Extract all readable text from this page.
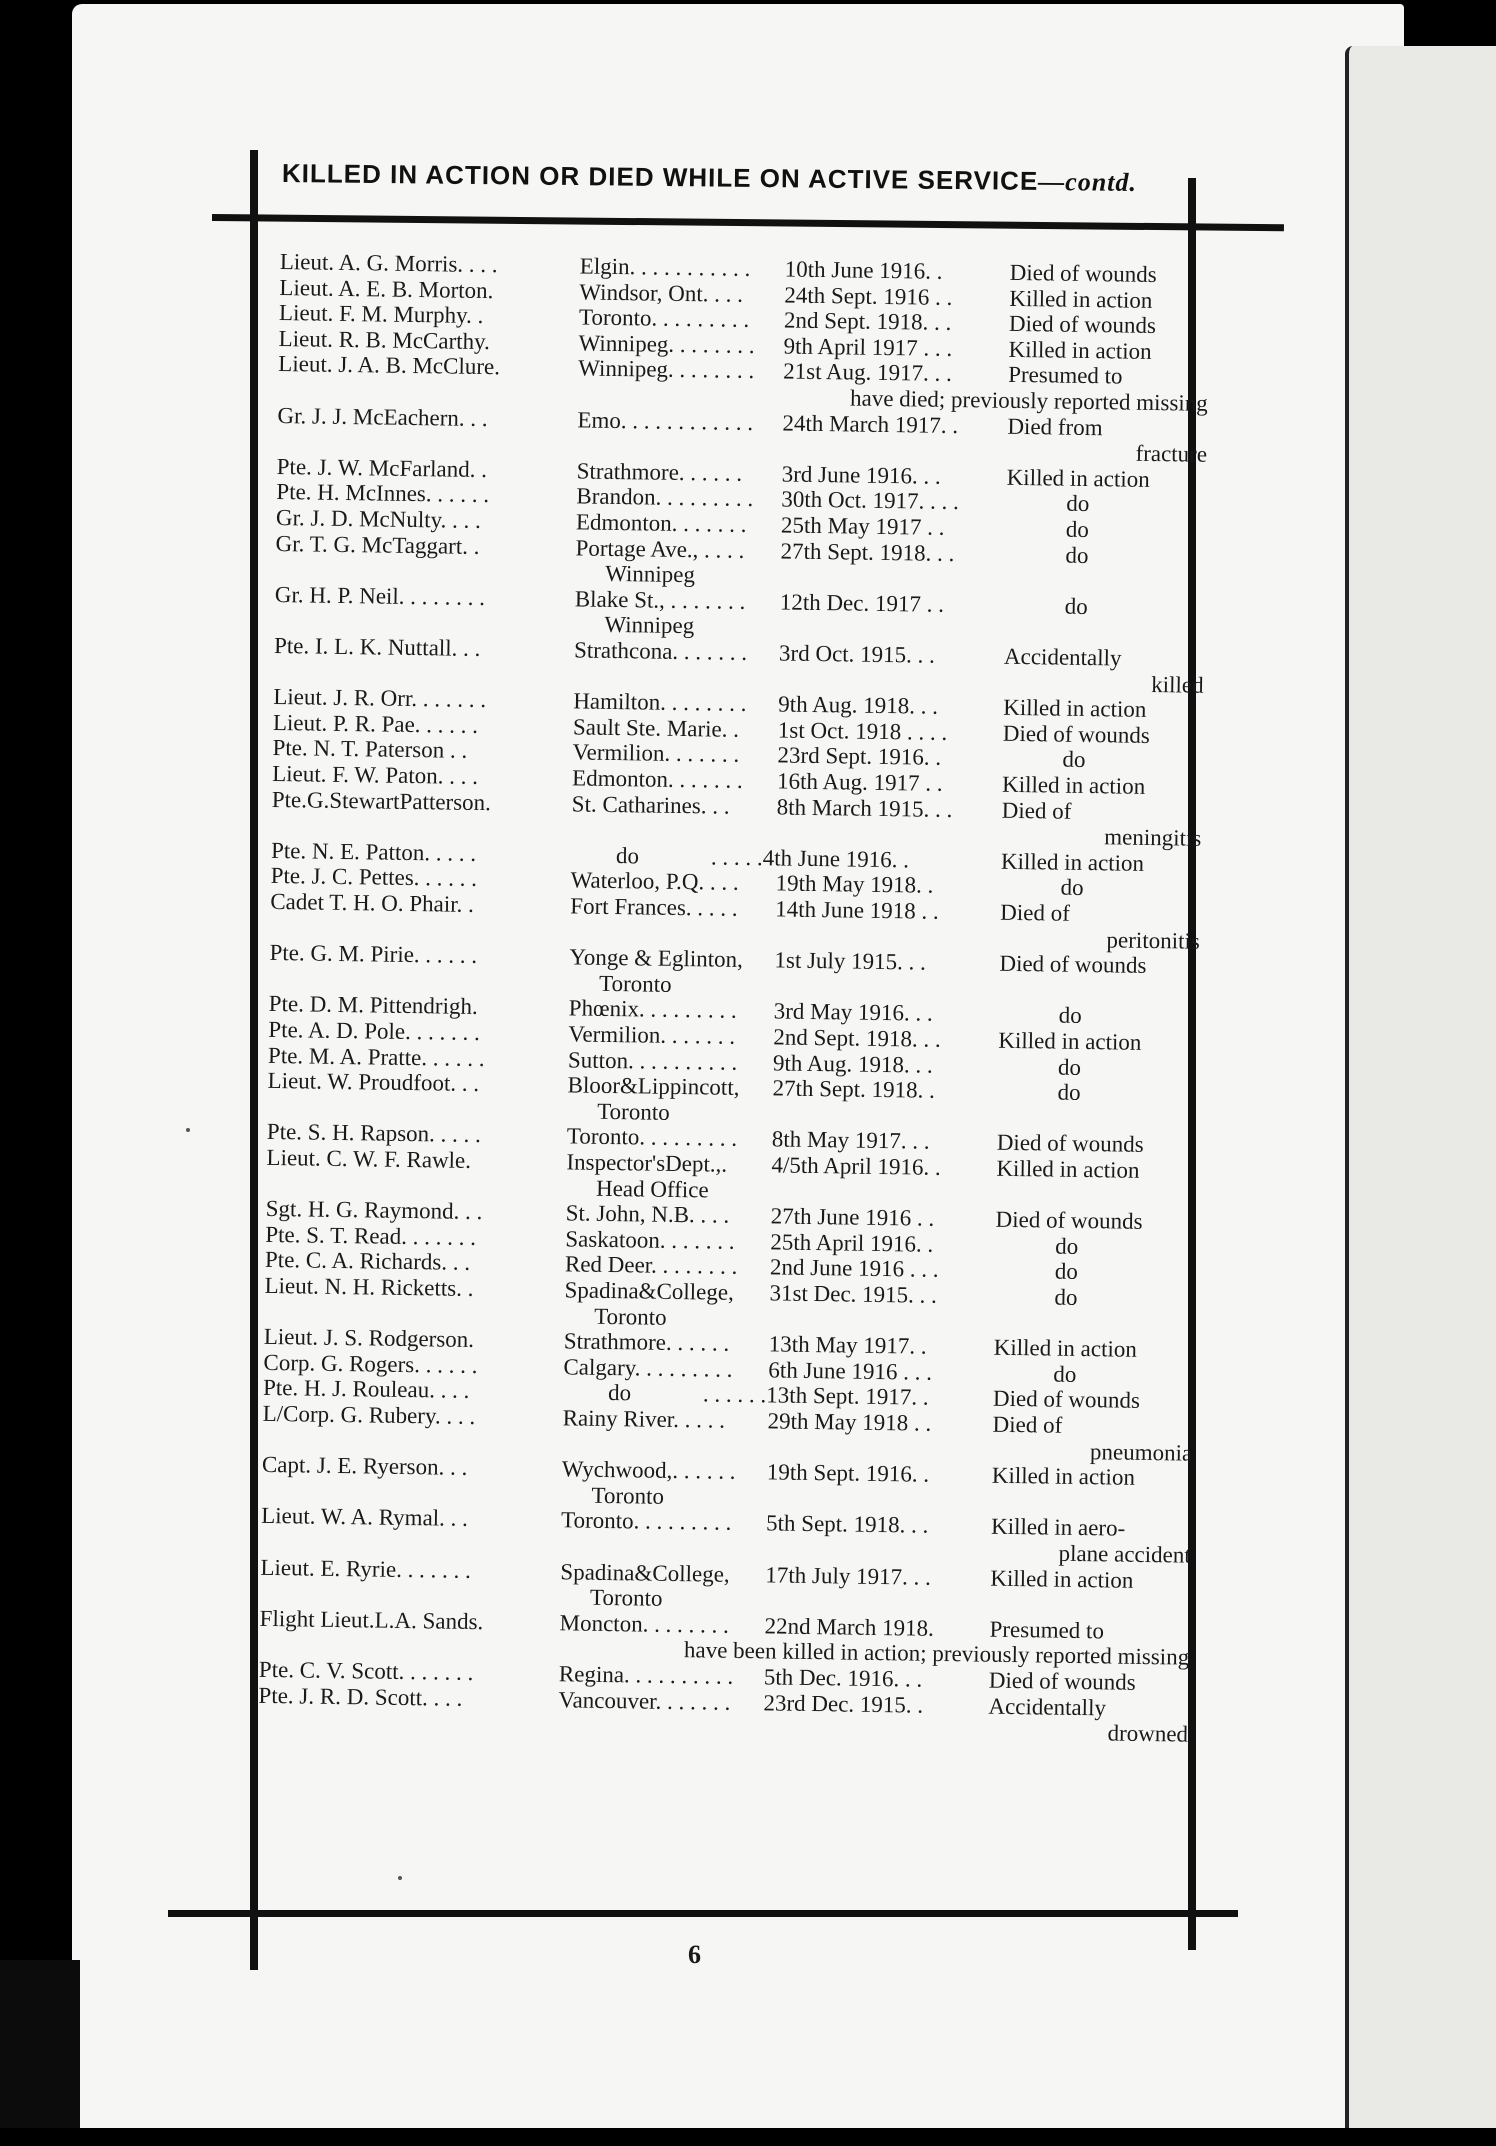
KILLED IN ACTION OR DIED WHILE ON ACTIVE SERVICE—contd.
Lieut. A. G. Morris. . . .	Elgin. . . . . . . . . . . 10th June 1916. .	Died of wounds
Lieut. A. E. B. Morton.	Windsor, Ont. . . . 24th Sept. 1916 . . Killed in action
Lieut. F. M. Murphy. .	Toronto. . . . . . . . . 2nd Sept. 1918. . . Died of wounds
Lieut. R. B. McCarthy.	Winnipeg. . . . . . . . 9th April 1917 . . . Killed in action
Lieut. J. A. B. McClure.	Winnipeg. . . . . . . . 21st Aug. 1917. . . Presumed to
have died; previously reported missing
Gr. J. J. McEachern. . .	Emo. . . . . . . . . . . . 24th March 1917. . Died from
fracture
Pte. J. W. McFarland. .	Strathmore. . . . . . 3rd June 1916. . .	Killed in action
Pte. H. McInnes. . . . . .	Brandon. . . . . . . . . 30th Oct. 1917. . . .	do
Gr. J. D. McNulty. . . .	Edmonton. . . . . . . 25th May 1917 . .	do
Gr. T. G. McTaggart. .	Portage Ave., . . . . 27th Sept. 1918. . .	do
Winnipeg
Gr. H. P. Neil. . . . . . . .	Blake St., . . . . . . . 12th Dec. 1917 . .	do
Winnipeg
Pte. I. L. K. Nuttall. . .	Strathcona. . . . . . . 3rd Oct. 1915. . .	Accidentally
killed
Lieut. J. R. Orr. . . . . . .	Hamilton. . . . . . . . 9th Aug. 1918. . .	Killed in action
Lieut. P. R. Pae. . . . . .	Sault Ste. Marie. . 1st Oct. 1918 . . . . Died of wounds
Pte. N. T. Paterson . .	Vermilion. . . . . . . 23rd Sept. 1916. .	do
Lieut. F. W. Paton. . . .	Edmonton. . . . . . . 16th Aug. 1917 . .	Killed in action
Pte.G.StewartPatterson.	St. Catharines. . . 8th March 1915. . . Died of
meningitis
Pte. N. E. Patton. . . . .	do	. . . . .4th June 1916. .	Killed in action
Pte. J. C. Pettes. . . . . .	Waterloo, P.Q. . . . 19th May 1918. .	do
Cadet T. H. O. Phair. .	Fort Frances. . . . . 14th June 1918 . .	Died of
peritonitis
Pte. G. M. Pirie. . . . . .	Yonge & Eglinton, 1st July 1915. . .	Died of wounds
Toronto
Pte. D. M. Pittendrigh.	Phœnix. . . . . . . . . 3rd May 1916. . .	do
Pte. A. D. Pole. . . . . . .	Vermilion. . . . . . . 2nd Sept. 1918. . . Killed in action
Pte. M. A. Pratte. . . . . .	Sutton. . . . . . . . . . 9th Aug. 1918. . .	do
Lieut. W. Proudfoot. . .	Bloor&Lippincott, 27th Sept. 1918. .	do
Toronto
Pte. S. H. Rapson. . . . .	Toronto. . . . . . . . . 8th May 1917. . .	Died of wounds
Lieut. C. W. F. Rawle.	Inspector'sDept.,. 4/5th April 1916. . Killed in action
Head Office
Sgt. H. G. Raymond. . .	St. John, N.B. . . . 27th June 1916 . .	Died of wounds
Pte. S. T. Read. . . . . . .	Saskatoon. . . . . . . 25th April 1916. .	do
Pte. C. A. Richards. . .	Red Deer. . . . . . . . 2nd June 1916 . . .	do
Lieut. N. H. Ricketts. .	Spadina&College, 31st Dec. 1915. . .	do
Toronto
Lieut. J. S. Rodgerson.	Strathmore. . . . . . 13th May 1917. .	Killed in action
Corp. G. Rogers. . . . . .	Calgary. . . . . . . . . 6th June 1916 . . .	do
Pte. H. J. Rouleau. . . .	do	. . . . . .13th Sept. 1917. .	Died of wounds
L/Corp. G. Rubery. . . .	Rainy River. . . . . 29th May 1918 . .	Died of
pneumonia
Capt. J. E. Ryerson. . .	Wychwood,. . . . . . 19th Sept. 1916. .	Killed in action
Toronto
Lieut. W. A. Rymal. . .	Toronto. . . . . . . . . 5th Sept. 1918. . .	Killed in aero-
plane accident
Lieut. E. Ryrie. . . . . . .	Spadina&College, 17th July 1917. . .	Killed in action
Toronto
Flight Lieut.L.A. Sands.	Moncton. . . . . . . . 22nd March 1918. Presumed to
have been killed in action; previously reported missing
Pte. C. V. Scott. . . . . . .	Regina. . . . . . . . . . 5th Dec. 1916. . .	Died of wounds
Pte. J. R. D. Scott. . . .	Vancouver. . . . . . . 23rd Dec. 1915. .	Accidentally
drowned
6
